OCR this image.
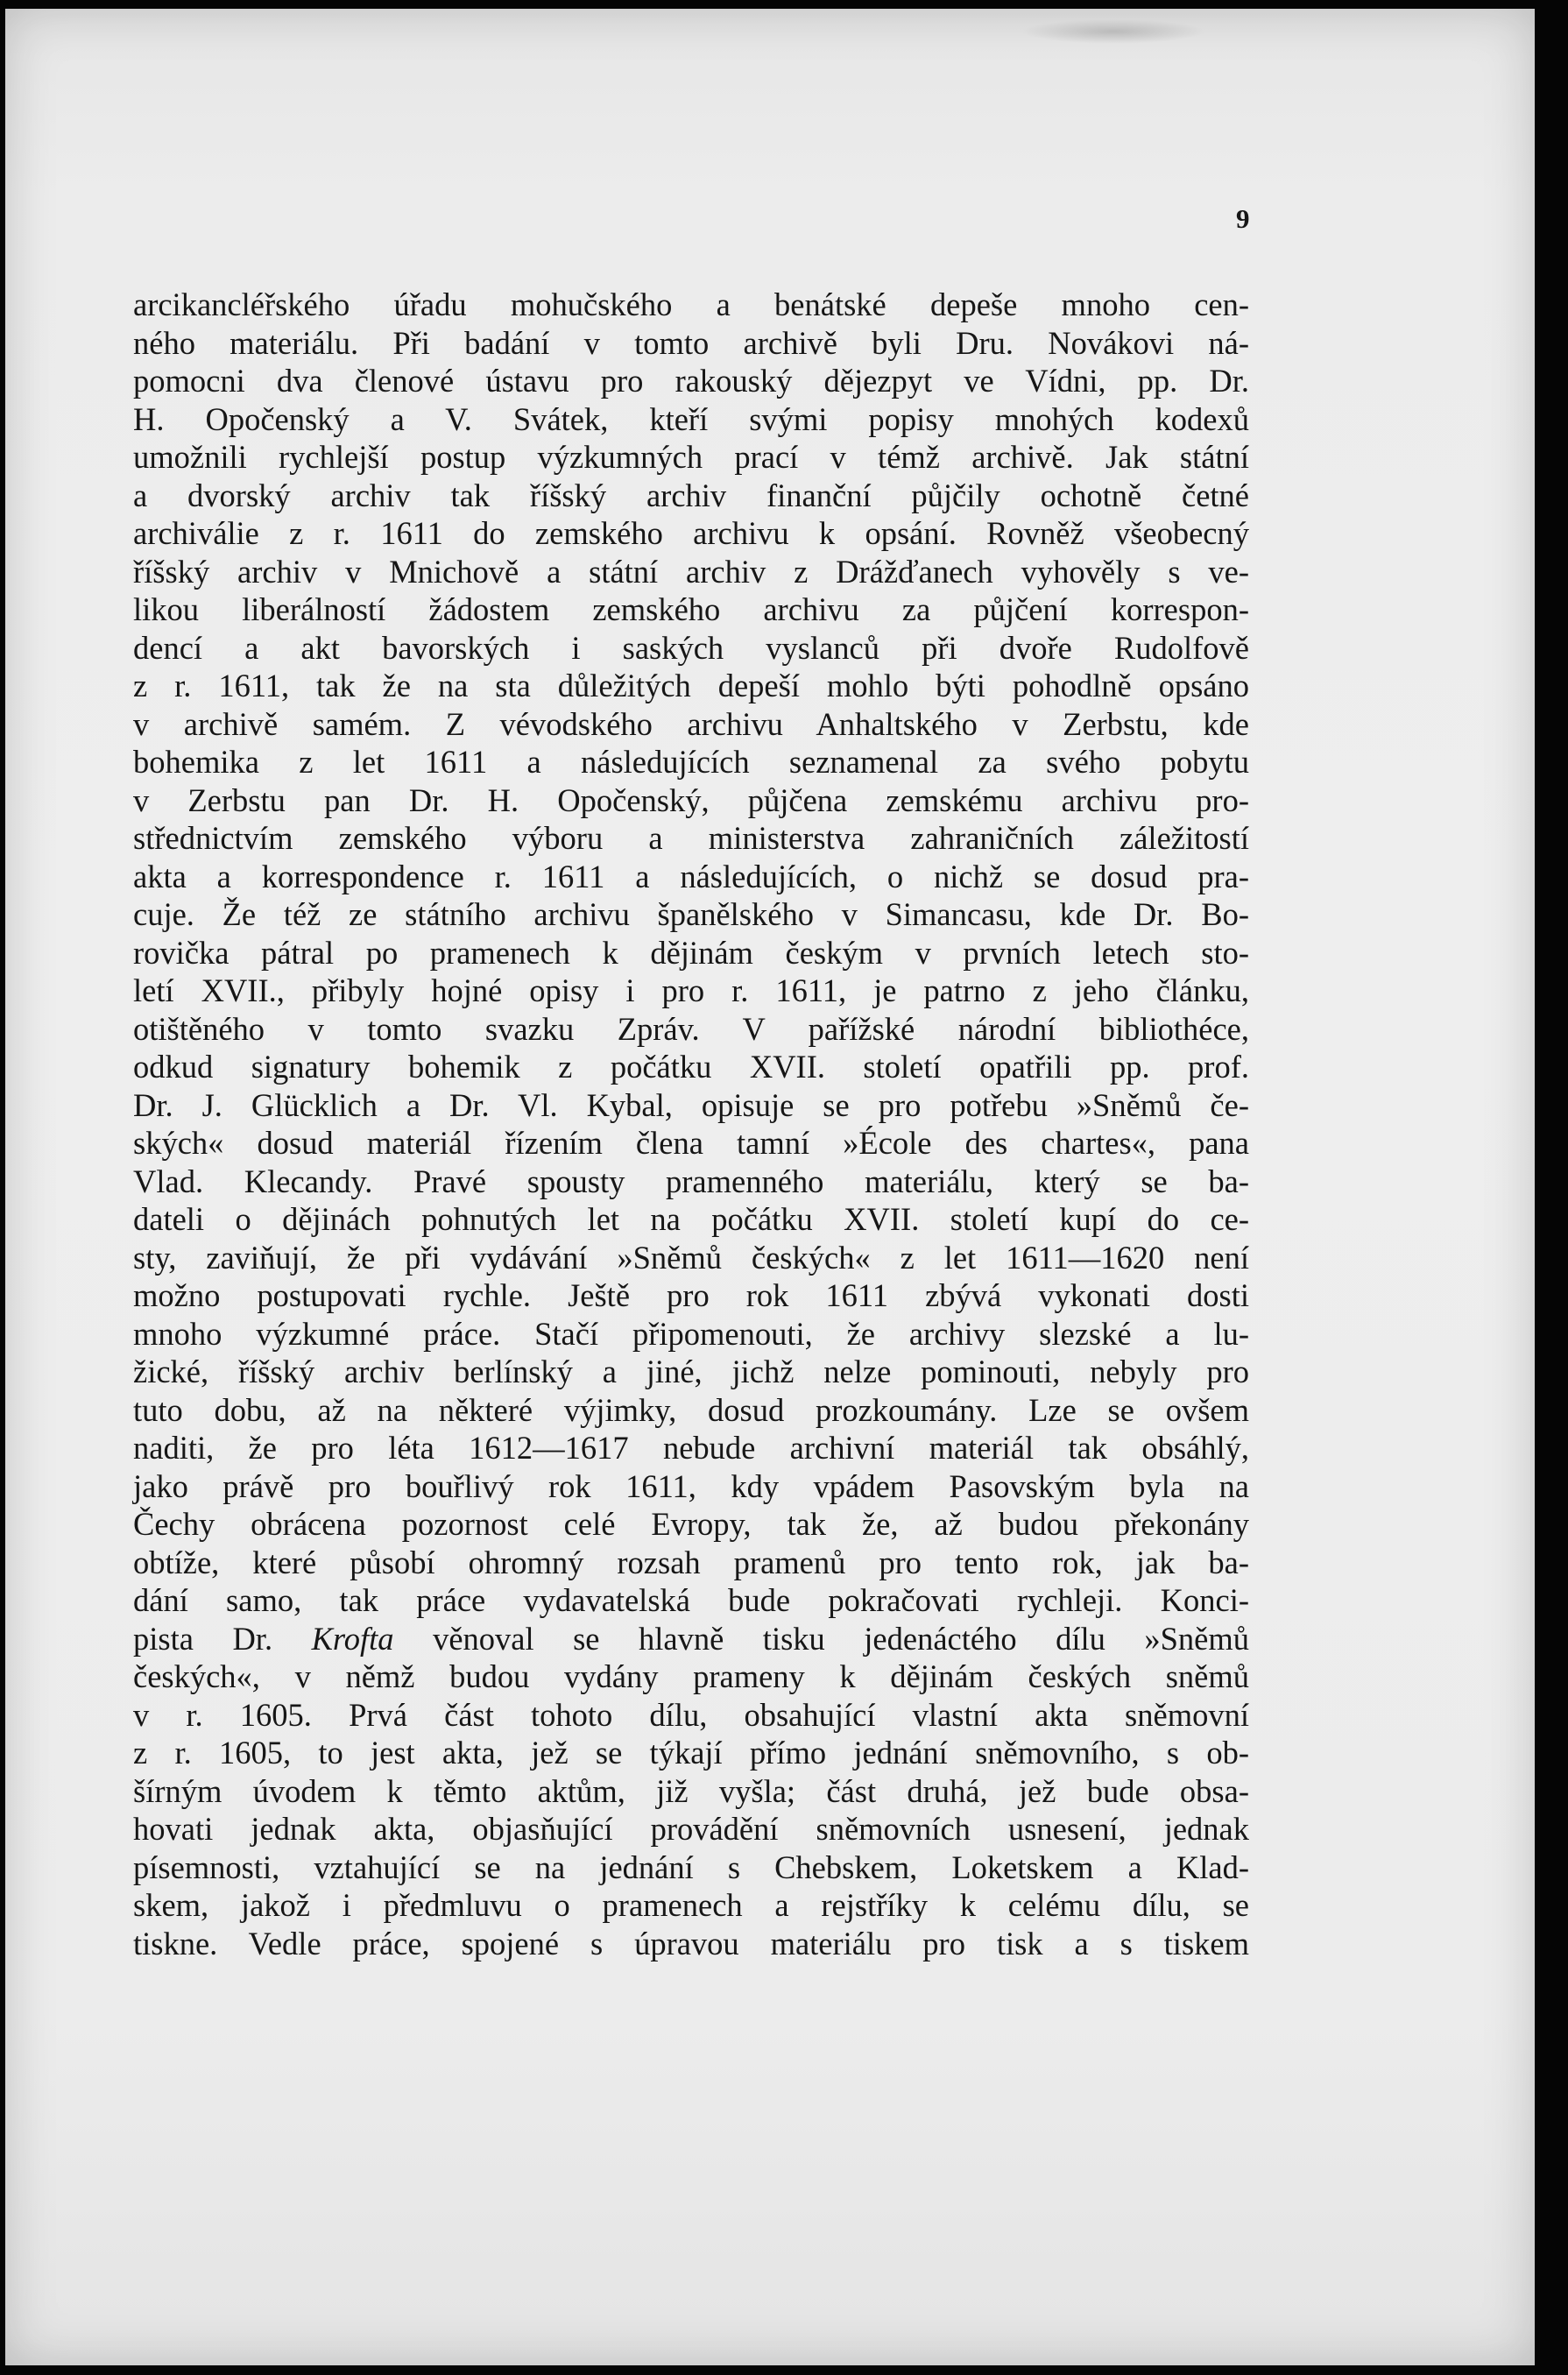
9
arcikancléřského úřadu mohučského a benátské depeše mnoho cen-
ného materiálu. Při badání v tomto archivě byli Dru. Novákovi ná-
pomocni dva členové ústavu pro rakouský dějezpyt ve Vídni, pp. Dr.
H. Opočenský a V. Svátek, kteří svými popisy mnohých kodexů
umožnili rychlejší postup výzkumných prací v témž archivě. Jak státní
a dvorský archiv tak říšský archiv finanční půjčily ochotně četné
archiválie z r. 1611 do zemského archivu k opsání. Rovněž všeobecný
říšský archiv v Mnichově a státní archiv z Drážďanech vyhověly s ve-
likou liberálností žádostem zemského archivu za půjčení korrespon-
dencí a akt bavorských i saských vyslanců při dvoře Rudolfově
z r. 1611, tak že na sta důležitých depeší mohlo býti pohodlně opsáno
v archivě samém. Z vévodského archivu Anhaltského v Zerbstu, kde
bohemika z let 1611 a následujících seznamenal za svého pobytu
v Zerbstu pan Dr. H. Opočenský, půjčena zemskému archivu pro-
střednictvím zemského výboru a ministerstva zahraničních záležitostí
akta a korrespondence r. 1611 a následujících, o nichž se dosud pra-
cuje. Že též ze státního archivu španělského v Simancasu, kde Dr. Bo-
rovička pátral po pramenech k dějinám českým v prvních letech sto-
letí XVII., přibyly hojné opisy i pro r. 1611, je patrno z jeho článku,
otištěného v tomto svazku Zpráv. V pařížské národní bibliothéce,
odkud signatury bohemik z počátku XVII. století opatřili pp. prof.
Dr. J. Glücklich a Dr. Vl. Kybal, opisuje se pro potřebu »Sněmů če-
ských« dosud materiál řízením člena tamní »École des chartes«, pana
Vlad. Klecandy. Pravé spousty pramenného materiálu, který se ba-
dateli o dějinách pohnutých let na počátku XVII. století kupí do ce-
sty, zaviňují, že při vydávání »Sněmů českých« z let 1611—1620 není
možno postupovati rychle. Ještě pro rok 1611 zbývá vykonati dosti
mnoho výzkumné práce. Stačí připomenouti, že archivy slezské a lu-
žické, říšský archiv berlínský a jiné, jichž nelze pominouti, nebyly pro
tuto dobu, až na některé výjimky, dosud prozkoumány. Lze se ovšem
naditi, že pro léta 1612—1617 nebude archivní materiál tak obsáhlý,
jako právě pro bouřlivý rok 1611, kdy vpádem Pasovským byla na
Čechy obrácena pozornost celé Evropy, tak že, až budou překonány
obtíže, které působí ohromný rozsah pramenů pro tento rok, jak ba-
dání samo, tak práce vydavatelská bude pokračovati rychleji. Konci-
pista Dr. Krofta věnoval se hlavně tisku jedenáctého dílu »Sněmů
českých«, v němž budou vydány prameny k dějinám českých sněmů
v r. 1605. Prvá část tohoto dílu, obsahující vlastní akta sněmovní
z r. 1605, to jest akta, jež se týkají přímo jednání sněmovního, s ob-
šírným úvodem k těmto aktům, již vyšla; část druhá, jež bude obsa-
hovati jednak akta, objasňující provádění sněmovních usnesení, jednak
písemnosti, vztahující se na jednání s Chebskem, Loketskem a Klad-
skem, jakož i předmluvu o pramenech a rejstříky k celému dílu, se
tiskne. Vedle práce, spojené s úpravou materiálu pro tisk a s tiskem
